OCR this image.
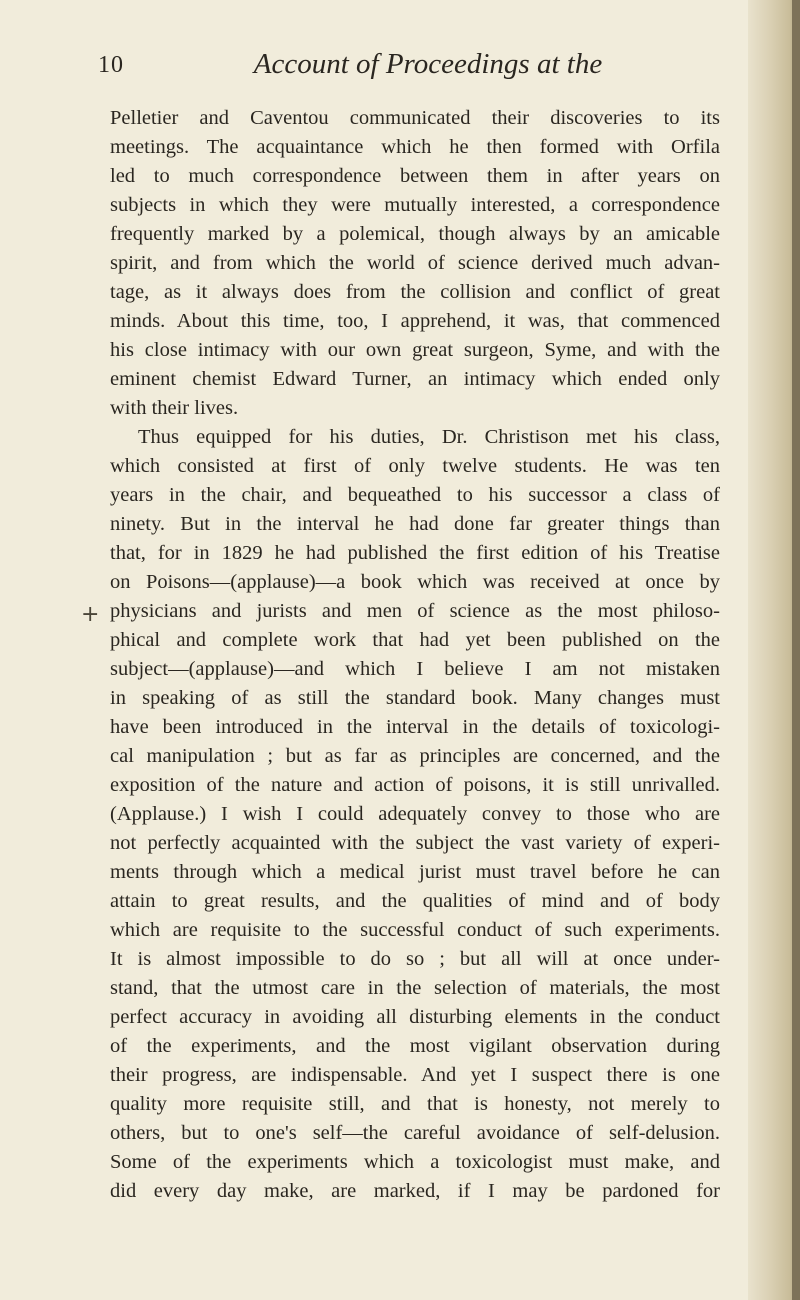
10	Account of Proceedings at the
+
Pelletier and Caventou communicated their discoveries to its
meetings. The acquaintance which he then formed with Orfila
led to much correspondence between them in after years on
subjects in which they were mutually interested, a correspondence
frequently marked by a polemical, though always by an amicable
spirit, and from which the world of science derived much advan-
tage, as it always does from the collision and conflict of great
minds. About this time, too, I apprehend, it was, that commenced
his close intimacy with our own great surgeon, Syme, and with the
eminent chemist Edward Turner, an intimacy which ended only
with their lives.
Thus equipped for his duties, Dr. Christison met his class,
which consisted at first of only twelve students. He was ten
years in the chair, and bequeathed to his successor a class of
ninety. But in the interval he had done far greater things than
that, for in 1829 he had published the first edition of his Treatise
on Poisons—(applause)—a book which was received at once by
physicians and jurists and men of science as the most philoso-
phical and complete work that had yet been published on the
subject—(applause)—and which I believe I am not mistaken
in speaking of as still the standard book. Many changes must
have been introduced in the interval in the details of toxicologi-
cal manipulation ; but as far as principles are concerned, and the
exposition of the nature and action of poisons, it is still unrivalled.
(Applause.) I wish I could adequately convey to those who are
not perfectly acquainted with the subject the vast variety of experi-
ments through which a medical jurist must travel before he can
attain to great results, and the qualities of mind and of body
which are requisite to the successful conduct of such experiments.
It is almost impossible to do so ; but all will at once under-
stand, that the utmost care in the selection of materials, the most
perfect accuracy in avoiding all disturbing elements in the conduct
of the experiments, and the most vigilant observation during
their progress, are indispensable. And yet I suspect there is one
quality more requisite still, and that is honesty, not merely to
others, but to one's self—the careful avoidance of self-delusion.
Some of the experiments which a toxicologist must make, and
did every day make, are marked, if I may be pardoned for
